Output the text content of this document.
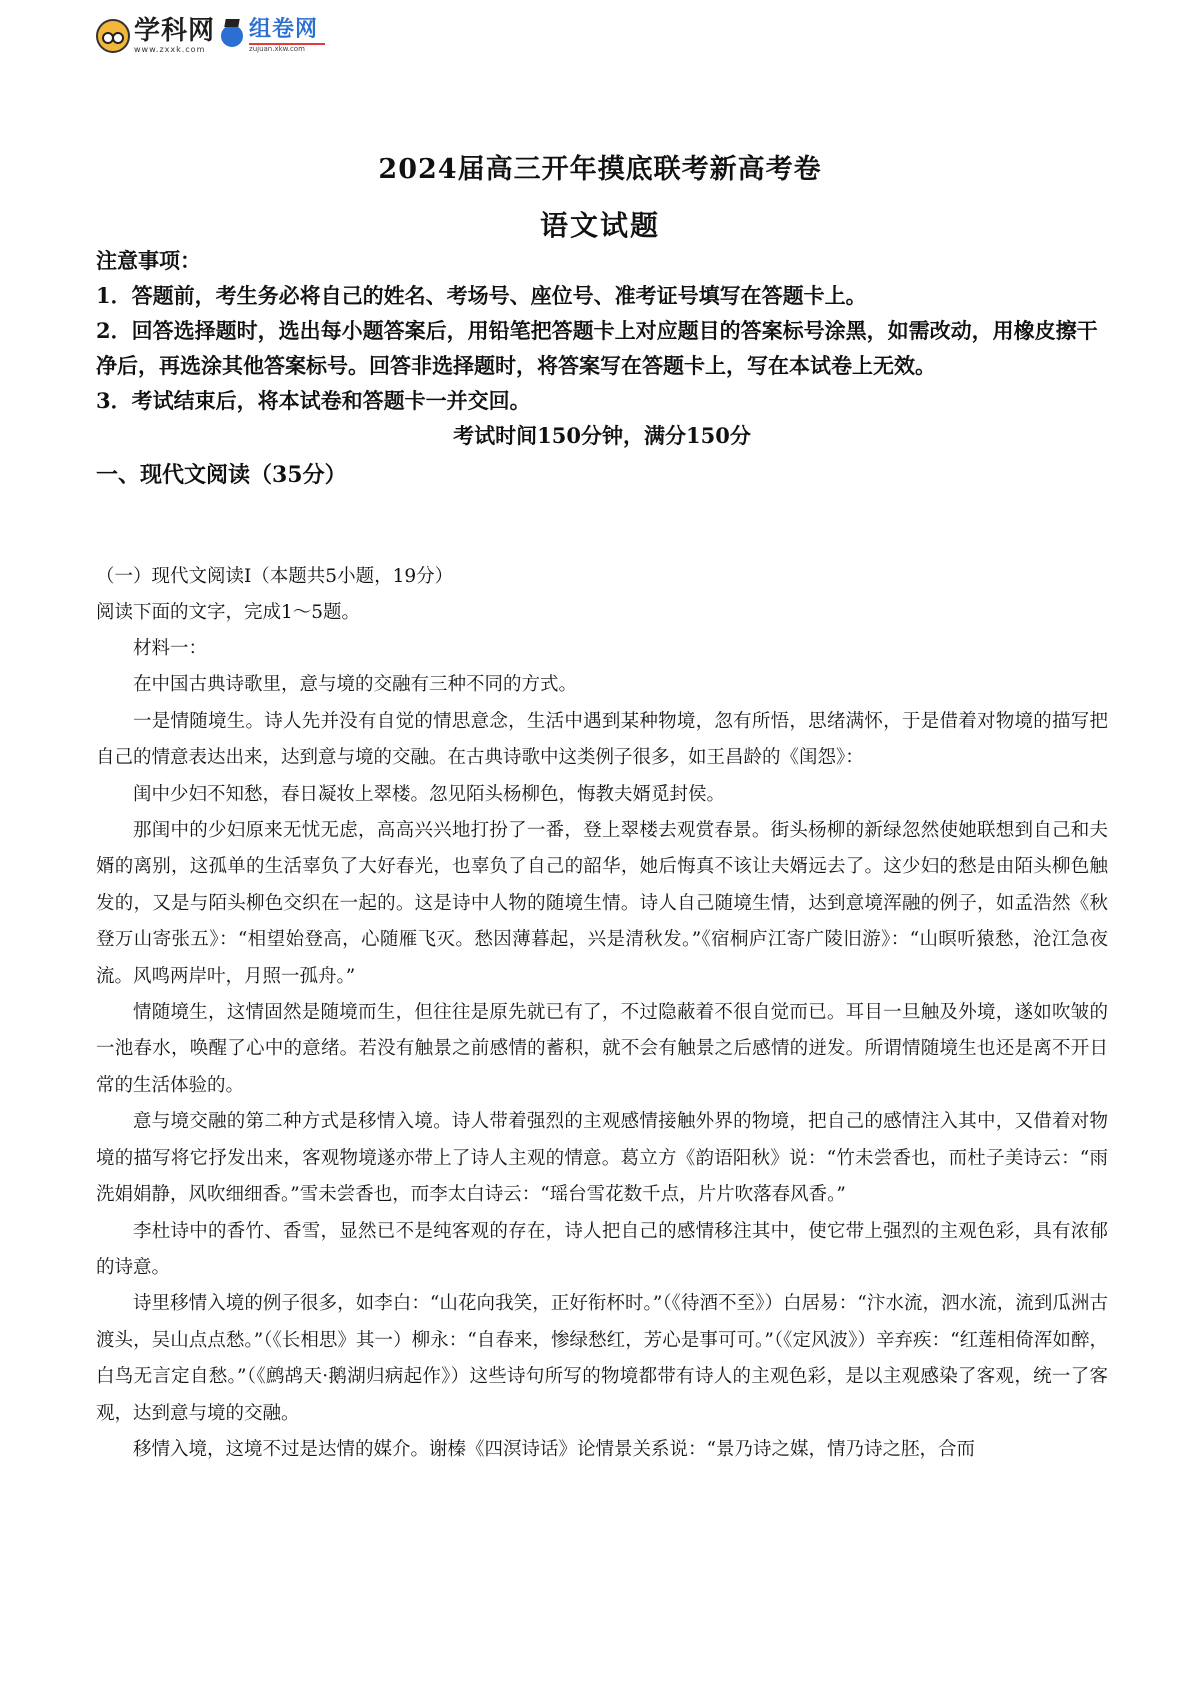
学科网
www.zxxk.com
组卷网
zujuan.xkw.com
2024届高三开年摸底联考新高考卷
语文试题

注意事项：

1．答题前，考生务必将自己的姓名、考场号、座位号、准考证号填写在答题卡上。

2．回答选择题时，选出每小题答案后，用铅笔把答题卡上对应题目的答案标号涂黑，如需改动，用橡皮擦干净后，再选涂其他答案标号。回答非选择题时，将答案写在答题卡上，写在本试卷上无效。

3．考试结束后，将本试卷和答题卡一并交回。

考试时间150分钟，满分150分
一、现代文阅读（35分）

（一）现代文阅读Ⅰ（本题共5小题，19分）

阅读下面的文字，完成1～5题。

材料一：

在中国古典诗歌里，意与境的交融有三种不同的方式。

一是情随境生。诗人先并没有自觉的情思意念，生活中遇到某种物境，忽有所悟，思绪满怀，于是借着对物境的描写把自己的情意表达出来，达到意与境的交融。在古典诗歌中这类例子很多，如王昌龄的《闺怨》：

闺中少妇不知愁，春日凝妆上翠楼。忽见陌头杨柳色，悔教夫婿觅封侯。

那闺中的少妇原来无忧无虑，高高兴兴地打扮了一番，登上翠楼去观赏春景。街头杨柳的新绿忽然使她联想到自己和夫婿的离别，这孤单的生活辜负了大好春光，也辜负了自己的韶华，她后悔真不该让夫婿远去了。这少妇的愁是由陌头柳色触发的，又是与陌头柳色交织在一起的。这是诗中人物的随境生情。诗人自己随境生情，达到意境浑融的例子，如孟浩然《秋登万山寄张五》：“相望始登高，心随雁飞灭。愁因薄暮起，兴是清秋发。”《宿桐庐江寄广陵旧游》：“山暝听猿愁，沧江急夜流。风鸣两岸叶，月照一孤舟。”

情随境生，这情固然是随境而生，但往往是原先就已有了，不过隐蔽着不很自觉而已。耳目一旦触及外境，遂如吹皱的一池春水，唤醒了心中的意绪。若没有触景之前感情的蓄积，就不会有触景之后感情的迸发。所谓情随境生也还是离不开日常的生活体验的。

意与境交融的第二种方式是移情入境。诗人带着强烈的主观感情接触外界的物境，把自己的感情注入其中，又借着对物境的描写将它抒发出来，客观物境遂亦带上了诗人主观的情意。葛立方《韵语阳秋》说：“竹未尝香也，而杜子美诗云：“雨洗娟娟静，风吹细细香。”雪未尝香也，而李太白诗云：“瑶台雪花数千点，片片吹落春风香。”

李杜诗中的香竹、香雪，显然已不是纯客观的存在，诗人把自己的感情移注其中，使它带上强烈的主观色彩，具有浓郁的诗意。

诗里移情入境的例子很多，如李白：“山花向我笑，正好衔杯时。”（《待酒不至》）白居易：“汴水流，泗水流，流到瓜洲古渡头，吴山点点愁。”（《长相思》其一）柳永：“自春来，惨绿愁红，芳心是事可可。”（《定风波》）辛弃疾：“红莲相倚浑如醉，白鸟无言定自愁。”（《鹧鸪天·鹅湖归病起作》）这些诗句所写的物境都带有诗人的主观色彩，是以主观感染了客观，统一了客观，达到意与境的交融。

移情入境，这境不过是达情的媒介。谢榛《四溟诗话》论情景关系说：“景乃诗之媒，情乃诗之胚，合而
